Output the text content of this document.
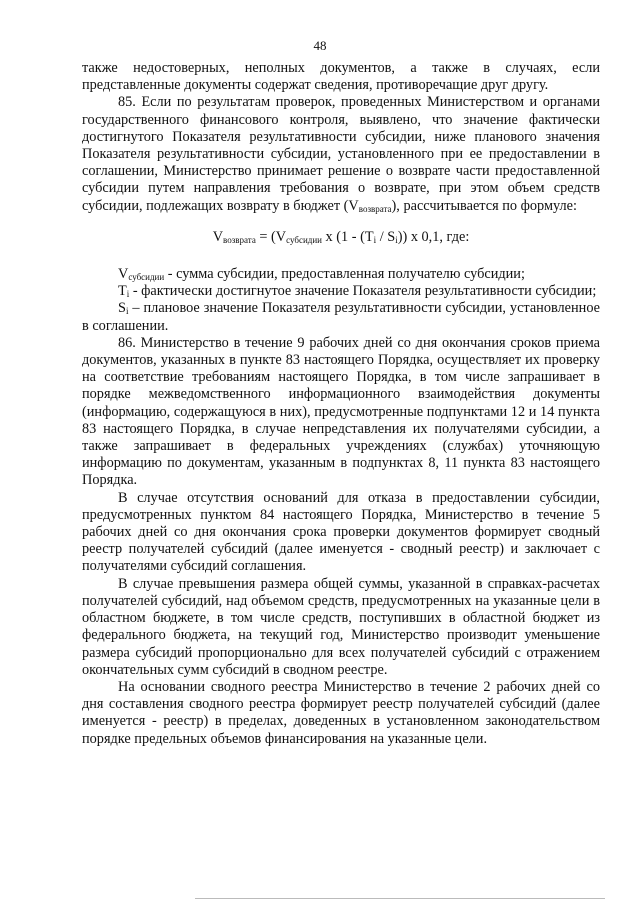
48

также недостоверных, неполных документов, а также в случаях, если представленные документы содержат сведения, противоречащие друг другу.

85. Если по результатам проверок, проведенных Министерством и органами государственного финансового контроля, выявлено, что значение фактически достигнутого Показателя результативности субсидии, ниже планового значения Показателя результативности субсидии, установленного при ее предоставлении в соглашении, Министерство принимает решение о возврате части предоставленной субсидии путем направления требования о возврате, при этом объем средств субсидии, подлежащих возврату в бюджет $(V_{возврата})$, рассчитывается по формуле:

$V_{возврата} = (V_{субсидии}$ x $(1 - (T_i / S_i))$ x 0,1, где:

$V_{субсидии}$ - сумма субсидии, предоставленная получателю субсидии;

$T_i$ - фактически достигнутое значение Показателя результативности субсидии;

$S_i$ – плановое значение Показателя результативности субсидии, установленное в соглашении.

86. Министерство в течение 9 рабочих дней со дня окончания сроков приема документов, указанных в пункте 83 настоящего Порядка, осуществляет их проверку на соответствие требованиям настоящего Порядка, в том числе запрашивает в порядке межведомственного информационного взаимодействия документы (информацию, содержащуюся в них), предусмотренные подпунктами 12 и 14 пункта 83 настоящего Порядка, в случае непредставления их получателями субсидии, а также запрашивает в федеральных учреждениях (службах) уточняющую информацию по документам, указанным в подпунктах 8, 11 пункта 83 настоящего Порядка.

В случае отсутствия оснований для отказа в предоставлении субсидии, предусмотренных пунктом 84 настоящего Порядка, Министерство в течение 5 рабочих дней со дня окончания срока проверки документов формирует сводный реестр получателей субсидий (далее именуется - сводный реестр) и заключает с получателями субсидий соглашения.

В случае превышения размера общей суммы, указанной в справках-расчетах получателей субсидий, над объемом средств, предусмотренных на указанные цели в областном бюджете, в том числе средств, поступивших в областной бюджет из федерального бюджета, на текущий год, Министерство производит уменьшение размера субсидий пропорционально для всех получателей субсидий с отражением окончательных сумм субсидий в сводном реестре.

На основании сводного реестра Министерство в течение 2 рабочих дней со дня составления сводного реестра формирует реестр получателей субсидий (далее именуется - реестр) в пределах, доведенных в установленном законодательством порядке предельных объемов финансирования на указанные цели.
